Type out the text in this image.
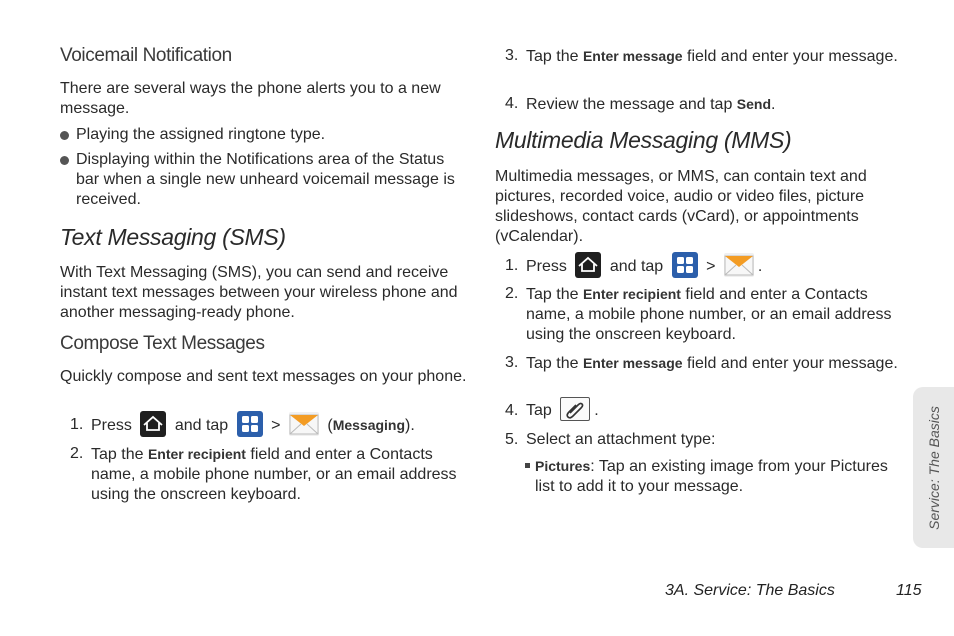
Voicemail Notification
There are several ways the phone alerts you to a new message.
Playing the assigned ringtone type.
Displaying within the Notifications area of the Status bar when a single new unheard voicemail message is received.
Text Messaging (SMS)
With Text Messaging (SMS), you can send and receive instant text messages between your wireless phone and another messaging-ready phone.
Compose Text Messages
Quickly compose and sent text messages on your phone.
1. Press	and tap	>	(Messaging).
2. Tap the Enter recipient field and enter a Contacts name, a mobile phone number, or an email address using the onscreen keyboard.
3. Tap the Enter message field and enter your message.
4. Review the message and tap Send.
Multimedia Messaging (MMS)
Multimedia messages, or MMS, can contain text and pictures, recorded voice, audio or video files, picture slideshows, contact cards (vCard), or appointments (vCalendar).
1. Press	and tap	>	.
2. Tap the Enter recipient field and enter a Contacts name, a mobile phone number, or an email address using the onscreen keyboard.
3. Tap the Enter message field and enter your message.
4. Tap	.
5. Select an attachment type:
Pictures: Tap an existing image from your Pictures list to add it to your message.	Service: The Basics
3A. Service: The Basics	115
